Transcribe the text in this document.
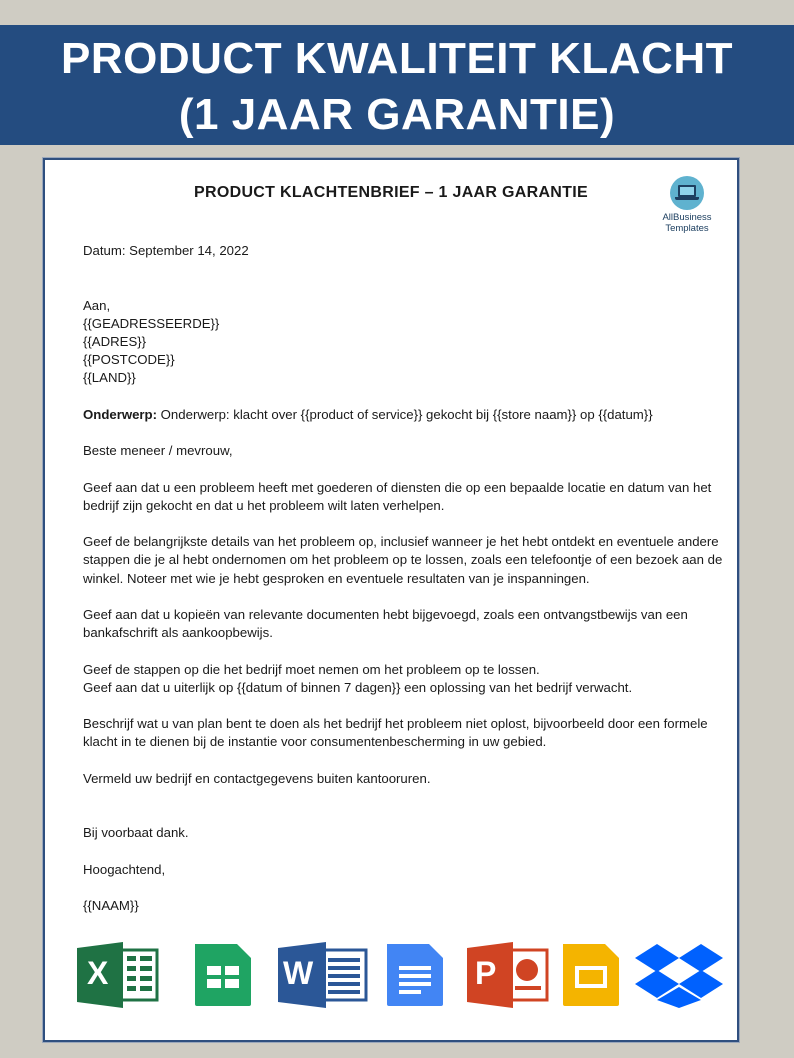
PRODUCT KWALITEIT KLACHT
(1 JAAR GARANTIE)
PRODUCT KLACHTENBRIEF – 1 JAAR GARANTIE
AllBusiness
Templates

Datum: September 14, 2022

Aan,

{{GEADRESSEERDE}}

{{ADRES}}

{{POSTCODE}}

{{LAND}}

Onderwerp: Onderwerp: klacht over {{product of service}} gekocht bij {{store naam}} op {{datum}}

Beste meneer / mevrouw,

Geef aan dat u een probleem heeft met goederen of diensten die op een bepaalde locatie en datum van het bedrijf zijn gekocht en dat u het probleem wilt laten verhelpen.

Geef de belangrijkste details van het probleem op, inclusief wanneer je het hebt ontdekt en eventuele andere stappen die je al hebt ondernomen om het probleem op te lossen, zoals een telefoontje of een bezoek aan de winkel. Noteer met wie je hebt gesproken en eventuele resultaten van je inspanningen.

Geef aan dat u kopieën van relevante documenten hebt bijgevoegd, zoals een ontvangstbewijs van een bankafschrift als aankoopbewijs.

Geef de stappen op die het bedrijf moet nemen om het probleem op te lossen.

Geef aan dat u uiterlijk op {{datum of binnen 7 dagen}} een oplossing van het bedrijf verwacht.

Beschrijf wat u van plan bent te doen als het bedrijf het probleem niet oplost, bijvoorbeeld door een formele klacht in te dienen bij de instantie voor consumentenbescherming in uw gebied.

Vermeld uw bedrijf en contactgegevens buiten kantooruren.

Bij voorbaat dank.

Hoogachtend,

{{NAAM}}

X	W	P
